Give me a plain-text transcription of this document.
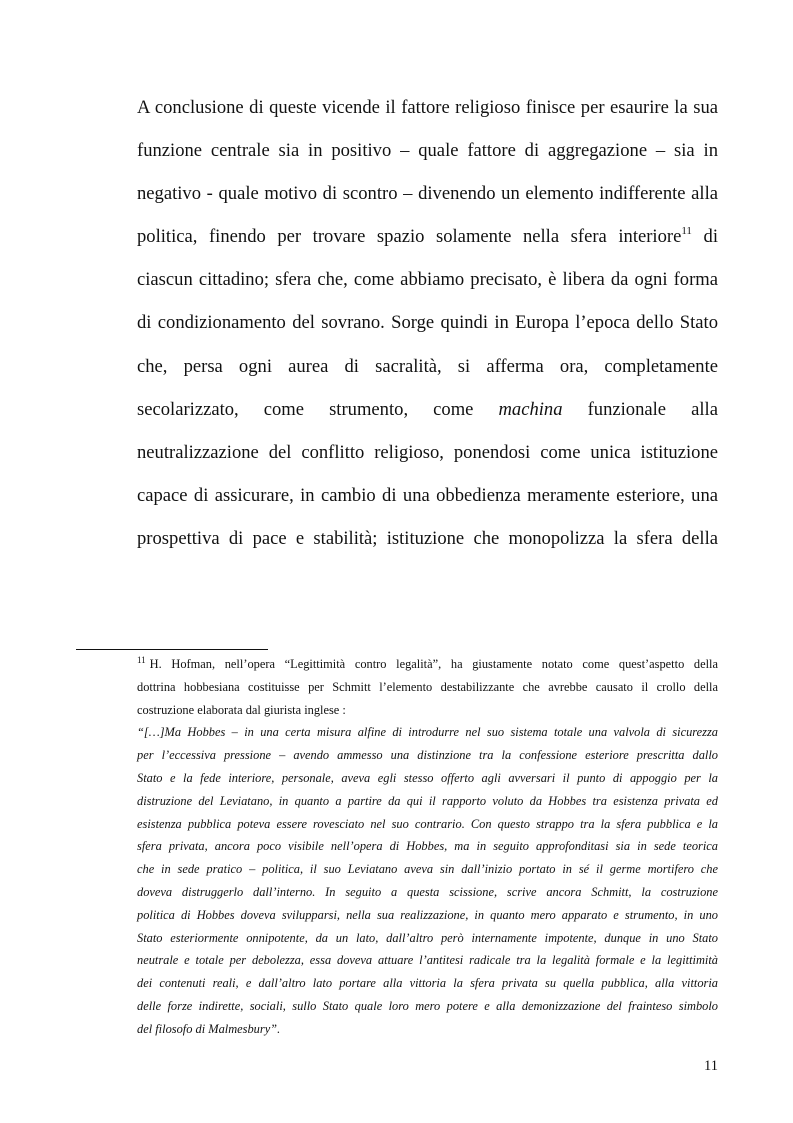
A conclusione di queste vicende il fattore religioso finisce per esaurire la sua
funzione centrale sia in positivo – quale fattore di aggregazione – sia in
negativo - quale motivo di scontro – divenendo un elemento indifferente alla
politica, finendo per trovare spazio solamente nella sfera interiore$^{11}$ di
ciascun cittadino; sfera che, come abbiamo precisato, è libera da ogni forma
di condizionamento del sovrano. Sorge quindi in Europa l’epoca dello Stato
che, persa ogni aurea di sacralità, si afferma ora, completamente
secolarizzato, come strumento, come machina funzionale alla
neutralizzazione del conflitto religioso, ponendosi come unica istituzione
capace di assicurare, in cambio di una obbedienza meramente esteriore, una
prospettiva di pace e stabilità; istituzione che monopolizza la sfera della
$^{11}$ H. Hofman, nell’opera “Legittimità contro legalità”, ha giustamente notato come quest’aspetto della
dottrina hobbesiana costituisse per Schmitt l’elemento destabilizzante che avrebbe causato il crollo della
costruzione elaborata dal giurista inglese :
“[…]Ma Hobbes – in una certa misura alfine di introdurre nel suo sistema totale una valvola di sicurezza
per l’eccessiva pressione – avendo ammesso una distinzione tra la confessione esteriore prescritta dallo
Stato e la fede interiore, personale, aveva egli stesso offerto agli avversari il punto di appoggio per la
distruzione del Leviatano, in quanto a partire da qui il rapporto voluto da Hobbes tra esistenza privata ed
esistenza pubblica poteva essere rovesciato nel suo contrario. Con questo strappo tra la sfera pubblica e la
sfera privata, ancora poco visibile nell’opera di Hobbes, ma in seguito approfonditasi sia in sede teorica
che in sede pratico – politica, il suo Leviatano aveva sin dall’inizio portato in sé il germe mortifero che
doveva distruggerlo dall’interno. In seguito a questa scissione, scrive ancora Schmitt, la costruzione
politica di Hobbes doveva svilupparsi, nella sua realizzazione, in quanto mero apparato e strumento, in uno
Stato esteriormente onnipotente, da un lato, dall’altro però internamente impotente, dunque in uno Stato
neutrale e totale per debolezza, essa doveva attuare l’antitesi radicale tra la legalità formale e la legittimità
dei contenuti reali, e dall’altro lato portare alla vittoria la sfera privata su quella pubblica, alla vittoria
delle forze indirette, sociali, sullo Stato quale loro mero potere e alla demonizzazione del frainteso simbolo
del filosofo di Malmesbury”.
11
